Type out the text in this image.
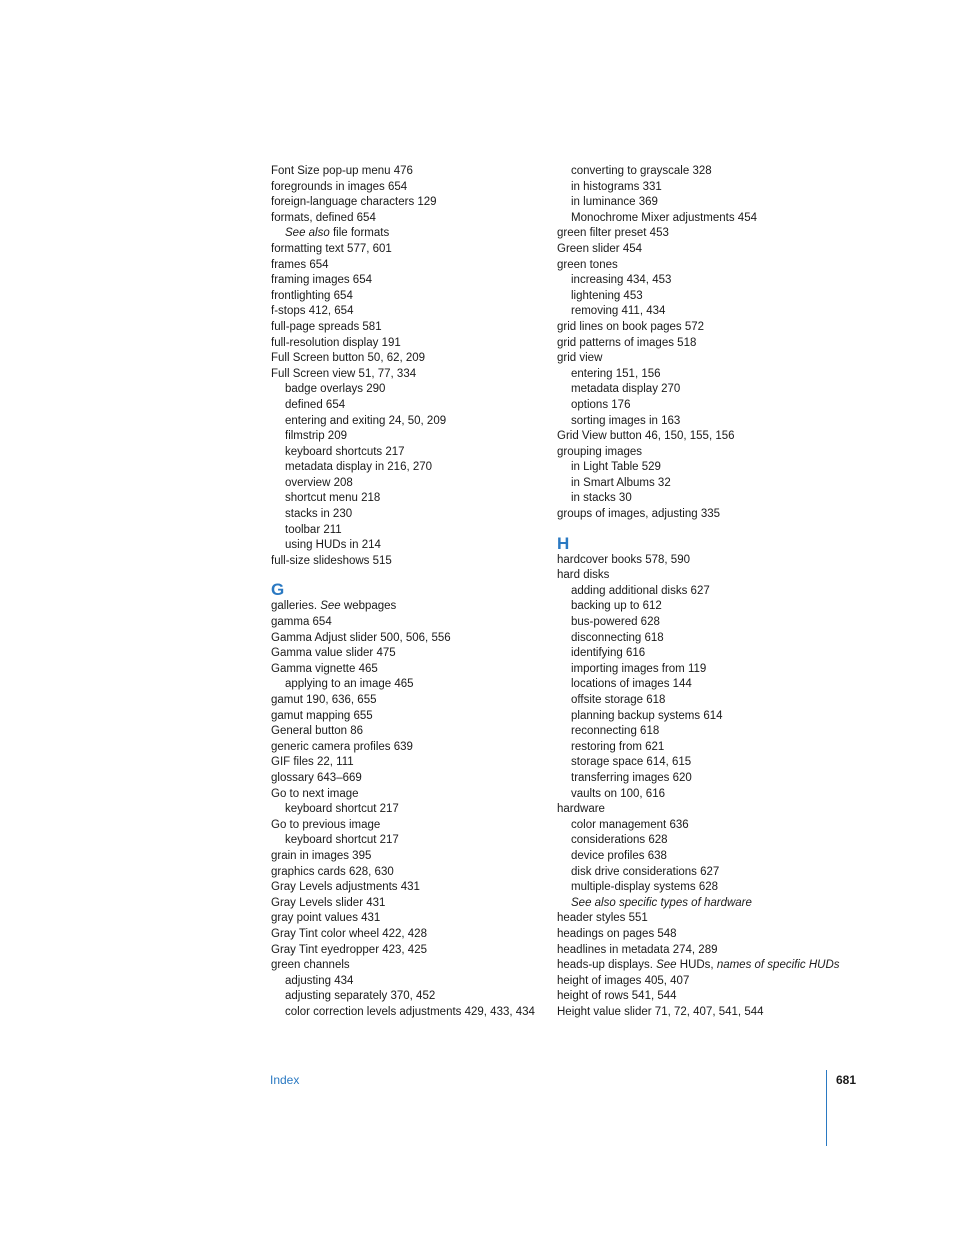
Font Size pop-up menu 476
foregrounds in images 654
foreign-language characters 129
formats, defined 654
See also file formats
formatting text 577, 601
frames 654
framing images 654
frontlighting 654
f-stops 412, 654
full-page spreads 581
full-resolution display 191
Full Screen button 50, 62, 209
Full Screen view 51, 77, 334
badge overlays 290
defined 654
entering and exiting 24, 50, 209
filmstrip 209
keyboard shortcuts 217
metadata display in 216, 270
overview 208
shortcut menu 218
stacks in 230
toolbar 211
using HUDs in 214
full-size slideshows 515
G
galleries. See webpages
gamma 654
Gamma Adjust slider 500, 506, 556
Gamma value slider 475
Gamma vignette 465
applying to an image 465
gamut 190, 636, 655
gamut mapping 655
General button 86
generic camera profiles 639
GIF files 22, 111
glossary 643–669
Go to next image
keyboard shortcut 217
Go to previous image
keyboard shortcut 217
grain in images 395
graphics cards 628, 630
Gray Levels adjustments 431
Gray Levels slider 431
gray point values 431
Gray Tint color wheel 422, 428
Gray Tint eyedropper 423, 425
green channels
adjusting 434
adjusting separately 370, 452
color correction levels adjustments 429, 433, 434
converting to grayscale 328
in histograms 331
in luminance 369
Monochrome Mixer adjustments 454
green filter preset 453
Green slider 454
green tones
increasing 434, 453
lightening 453
removing 411, 434
grid lines on book pages 572
grid patterns of images 518
grid view
entering 151, 156
metadata display 270
options 176
sorting images in 163
Grid View button 46, 150, 155, 156
grouping images
in Light Table 529
in Smart Albums 32
in stacks 30
groups of images, adjusting 335
H
hardcover books 578, 590
hard disks
adding additional disks 627
backing up to 612
bus-powered 628
disconnecting 618
identifying 616
importing images from 119
locations of images 144
offsite storage 618
planning backup systems 614
reconnecting 618
restoring from 621
storage space 614, 615
transferring images 620
vaults on 100, 616
hardware
color management 636
considerations 628
device profiles 638
disk drive considerations 627
multiple-display systems 628
See also specific types of hardware
header styles 551
headings on pages 548
headlines in metadata 274, 289
heads-up displays. See HUDs, names of specific HUDs
height of images 405, 407
height of rows 541, 544
Height value slider 71, 72, 407, 541, 544
Index	681
